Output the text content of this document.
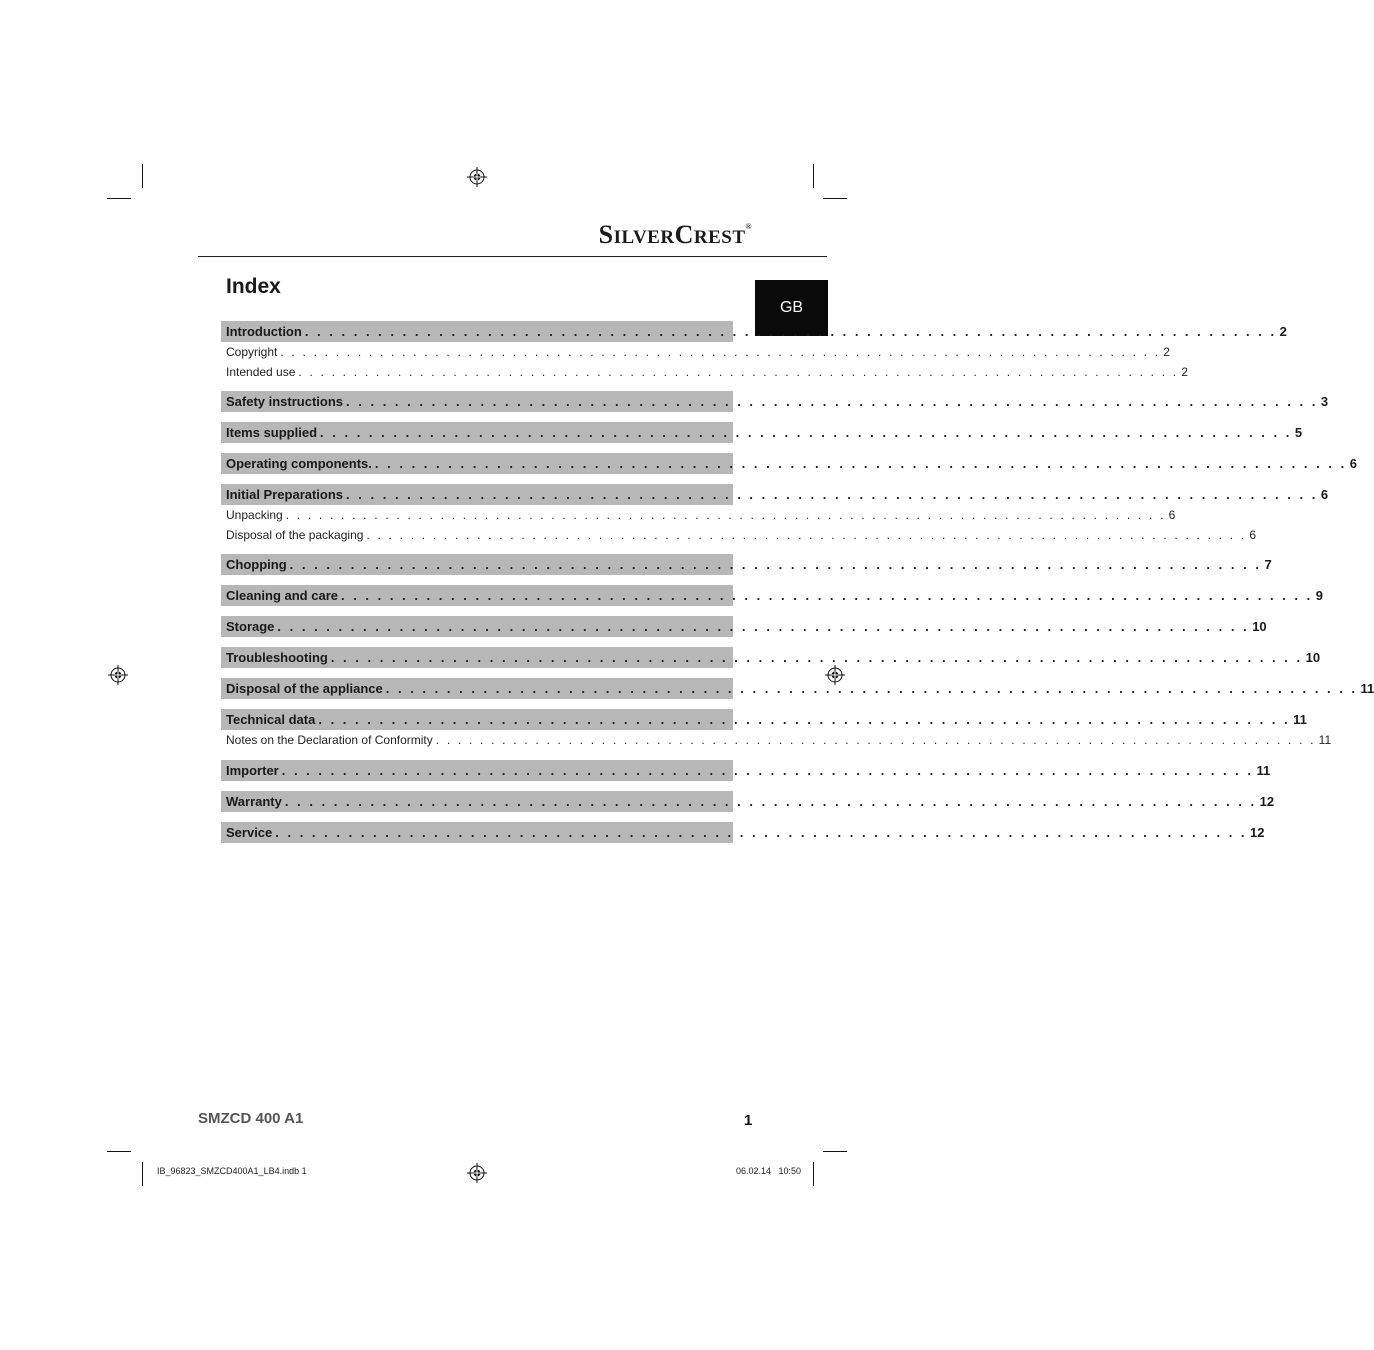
SILVERCREST®
GB
Index
Introduction . . . . . . . . . . . . . . . . . . . . . . . . . . . . . . . . . . . . . . . . . . . . . . . . . . . . . . . . . . . . . . . . . . . . . . . . . . . . . . . . 2
Copyright . . . . . . . . . . . . . . . . . . . . . . . . . . . . . . . . . . . . . . . . . . . . . . . . . . . . . . . . . . . . . . . . . . . . . . . . . . . . . . . . 2
Intended use . . . . . . . . . . . . . . . . . . . . . . . . . . . . . . . . . . . . . . . . . . . . . . . . . . . . . . . . . . . . . . . . . . . . . . . . . . . . . . . . 2
Safety instructions . . . . . . . . . . . . . . . . . . . . . . . . . . . . . . . . . . . . . . . . . . . . . . . . . . . . . . . . . . . . . . . . . . . . . . . . . . . . . . . . 3
Items supplied . . . . . . . . . . . . . . . . . . . . . . . . . . . . . . . . . . . . . . . . . . . . . . . . . . . . . . . . . . . . . . . . . . . . . . . . . . . . . . . . 5
Operating components. . . . . . . . . . . . . . . . . . . . . . . . . . . . . . . . . . . . . . . . . . . . . . . . . . . . . . . . . . . . . . . . . . . . . . . . . . . . . . . . . 6
Initial Preparations . . . . . . . . . . . . . . . . . . . . . . . . . . . . . . . . . . . . . . . . . . . . . . . . . . . . . . . . . . . . . . . . . . . . . . . . . . . . . . . . 6
Unpacking . . . . . . . . . . . . . . . . . . . . . . . . . . . . . . . . . . . . . . . . . . . . . . . . . . . . . . . . . . . . . . . . . . . . . . . . . . . . . . . . 6
Disposal of the packaging . . . . . . . . . . . . . . . . . . . . . . . . . . . . . . . . . . . . . . . . . . . . . . . . . . . . . . . . . . . . . . . . . . . . . . . . . . . . . . . . 6
Chopping . . . . . . . . . . . . . . . . . . . . . . . . . . . . . . . . . . . . . . . . . . . . . . . . . . . . . . . . . . . . . . . . . . . . . . . . . . . . . . . . 7
Cleaning and care . . . . . . . . . . . . . . . . . . . . . . . . . . . . . . . . . . . . . . . . . . . . . . . . . . . . . . . . . . . . . . . . . . . . . . . . . . . . . . . . 9
Storage . . . . . . . . . . . . . . . . . . . . . . . . . . . . . . . . . . . . . . . . . . . . . . . . . . . . . . . . . . . . . . . . . . . . . . . . . . . . . . . . 10
Troubleshooting . . . . . . . . . . . . . . . . . . . . . . . . . . . . . . . . . . . . . . . . . . . . . . . . . . . . . . . . . . . . . . . . . . . . . . . . . . . . . . . . 10
Disposal of the appliance . . . . . . . . . . . . . . . . . . . . . . . . . . . . . . . . . . . . . . . . . . . . . . . . . . . . . . . . . . . . . . . . . . . . . . . . . . . . . . . . 11
Technical data . . . . . . . . . . . . . . . . . . . . . . . . . . . . . . . . . . . . . . . . . . . . . . . . . . . . . . . . . . . . . . . . . . . . . . . . . . . . . . . . 11
Notes on the Declaration of Conformity . . . . . . . . . . . . . . . . . . . . . . . . . . . . . . . . . . . . . . . . . . . . . . . . . . . . . . . . . . . . . . . . . . . . . . . . . . . . . . . . 11
Importer . . . . . . . . . . . . . . . . . . . . . . . . . . . . . . . . . . . . . . . . . . . . . . . . . . . . . . . . . . . . . . . . . . . . . . . . . . . . . . . . 11
Warranty . . . . . . . . . . . . . . . . . . . . . . . . . . . . . . . . . . . . . . . . . . . . . . . . . . . . . . . . . . . . . . . . . . . . . . . . . . . . . . . . 12
Service . . . . . . . . . . . . . . . . . . . . . . . . . . . . . . . . . . . . . . . . . . . . . . . . . . . . . . . . . . . . . . . . . . . . . . . . . . . . . . . . 12
SMZCD 400 A1	1
IB_96823_SMZCD400A1_LB4.indb 1	06.02.14   10:50
